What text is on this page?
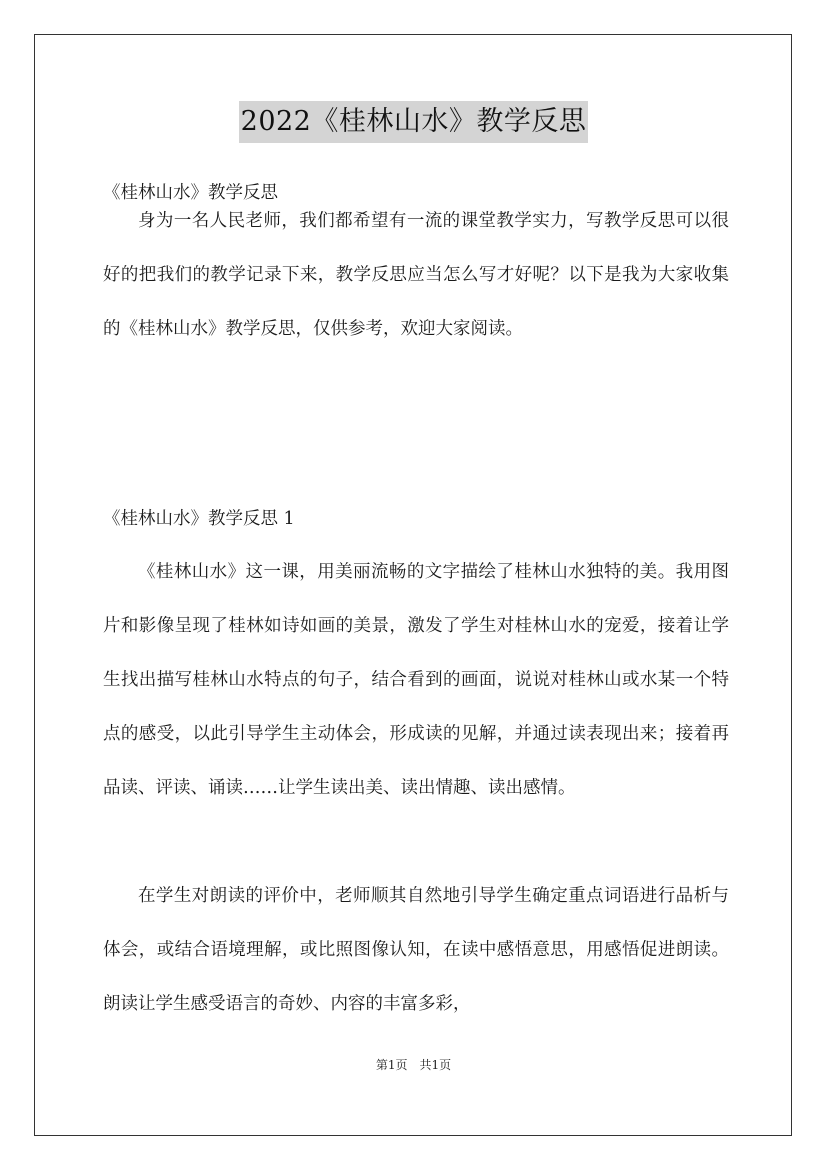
2022《桂林山水》教学反思

《桂林山水》教学反思

身为一名人民老师，我们都希望有一流的课堂教学实力，写教学反思可以很好的把我们的教学记录下来，教学反思应当怎么写才好呢？以下是我为大家收集的《桂林山水》教学反思，仅供参考，欢迎大家阅读。

《桂林山水》教学反思 1

《桂林山水》这一课，用美丽流畅的文字描绘了桂林山水独特的美。我用图片和影像呈现了桂林如诗如画的美景，激发了学生对桂林山水的宠爱，接着让学生找出描写桂林山水特点的句子，结合看到的画面，说说对桂林山或水某一个特点的感受，以此引导学生主动体会，形成读的见解，并通过读表现出来；接着再品读、评读、诵读……让学生读出美、读出情趣、读出感情。

在学生对朗读的评价中，老师顺其自然地引导学生确定重点词语进行品析与体会，或结合语境理解，或比照图像认知，在读中感悟意思，用感悟促进朗读。朗读让学生感受语言的奇妙、内容的丰富多彩，

第1页　共1页
